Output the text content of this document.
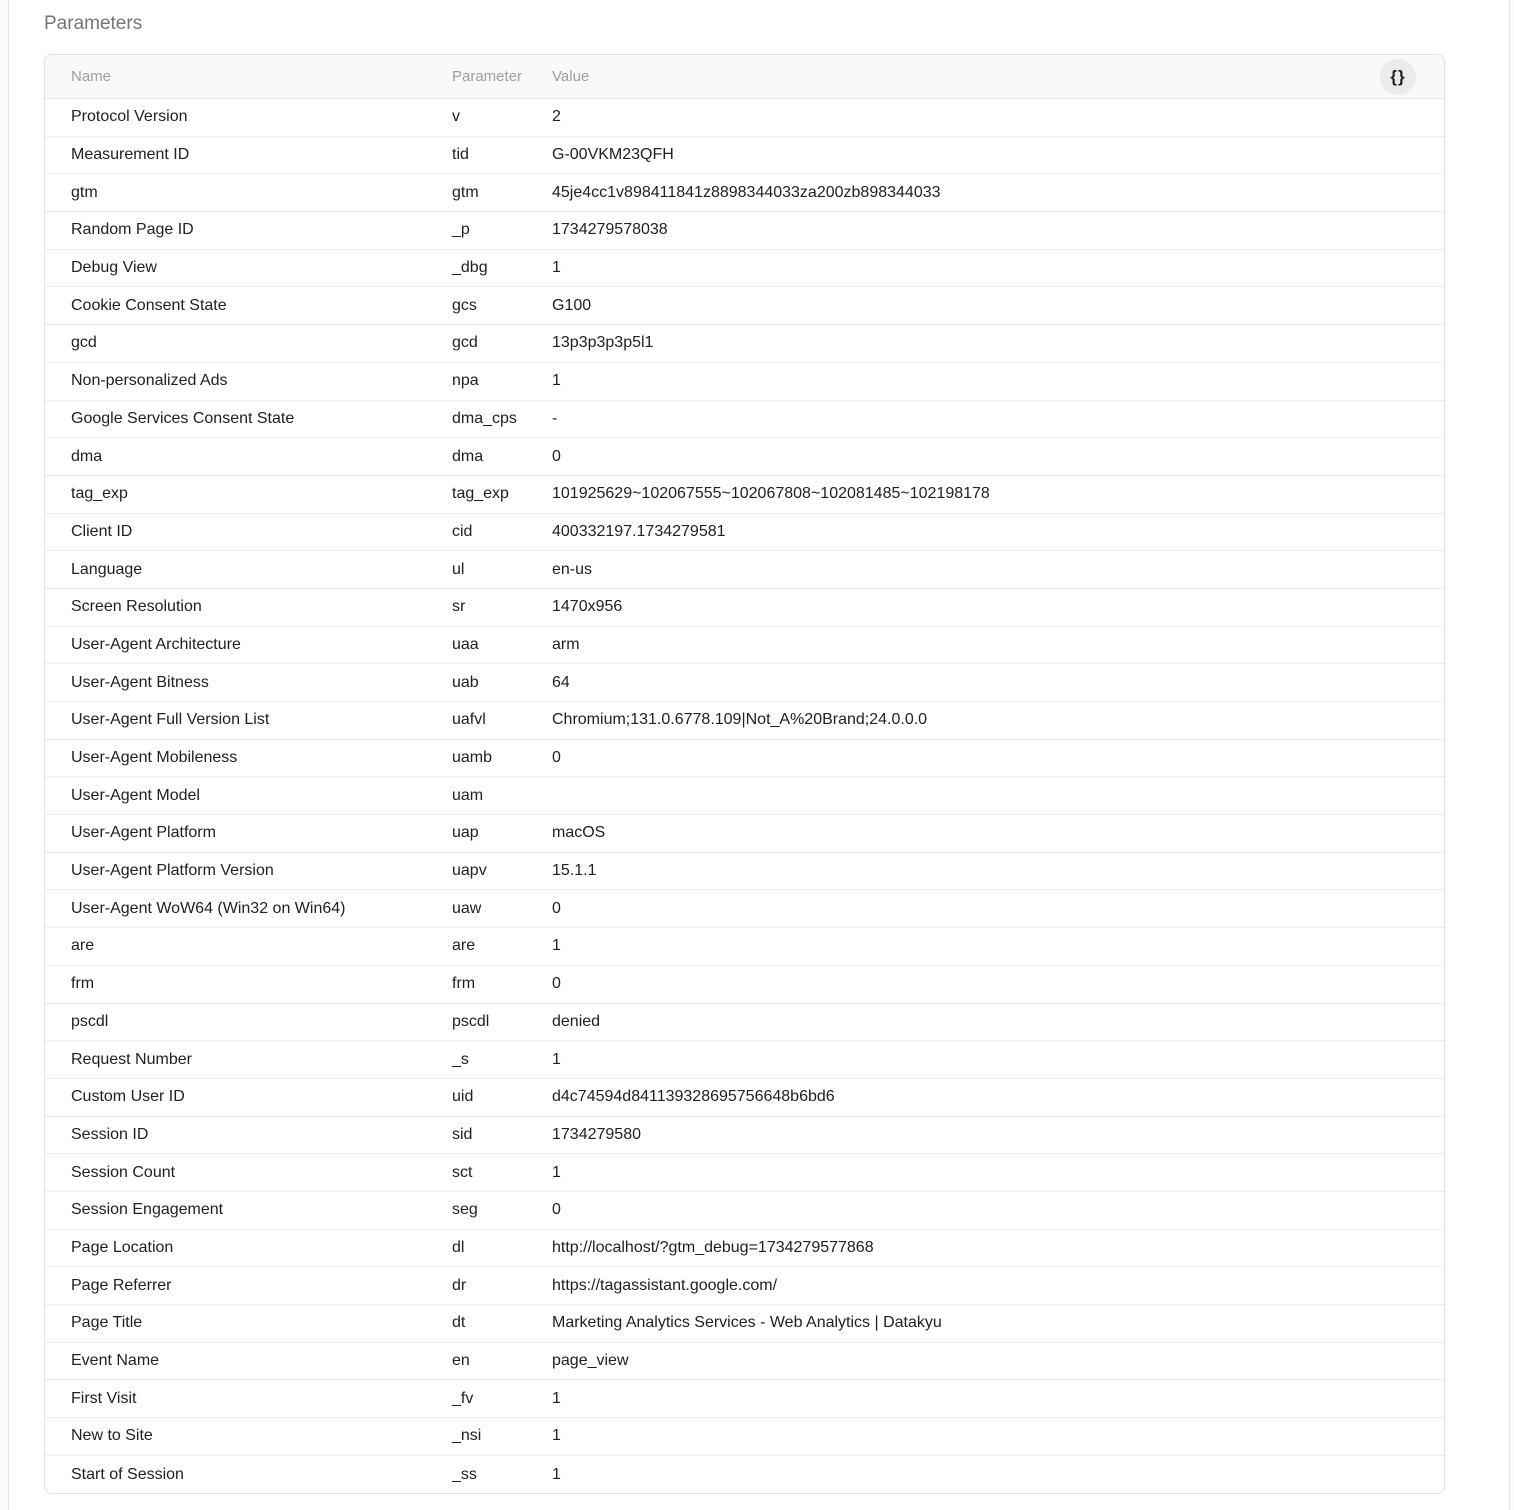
Parameters
Name	Parameter	Value	{}
Protocol Version	v	2
Measurement ID	tid	G-00VKM23QFH
gtm	gtm	45je4cc1v898411841z8898344033za200zb898344033
Random Page ID	_p	1734279578038
Debug View	_dbg	1
Cookie Consent State	gcs	G100
gcd	gcd	13p3p3p3p5l1
Non-personalized Ads	npa	1
Google Services Consent State	dma_cps	-
dma	dma	0
tag_exp	tag_exp	101925629~102067555~102067808~102081485~102198178
Client ID	cid	400332197.1734279581
Language	ul	en-us
Screen Resolution	sr	1470x956
User-Agent Architecture	uaa	arm
User-Agent Bitness	uab	64
User-Agent Full Version List	uafvl	Chromium;131.0.6778.109|Not_A%20Brand;24.0.0.0
User-Agent Mobileness	uamb	0
User-Agent Model	uam
User-Agent Platform	uap	macOS
User-Agent Platform Version	uapv	15.1.1
User-Agent WoW64 (Win32 on Win64)	uaw	0
are	are	1
frm	frm	0
pscdl	pscdl	denied
Request Number	_s	1
Custom User ID	uid	d4c74594d841139328695756648b6bd6
Session ID	sid	1734279580
Session Count	sct	1
Session Engagement	seg	0
Page Location	dl	http://localhost/?gtm_debug=1734279577868
Page Referrer	dr	https://tagassistant.google.com/
Page Title	dt	Marketing Analytics Services - Web Analytics | Datakyu
Event Name	en	page_view
First Visit	_fv	1
New to Site	_nsi	1
Start of Session	_ss	1
